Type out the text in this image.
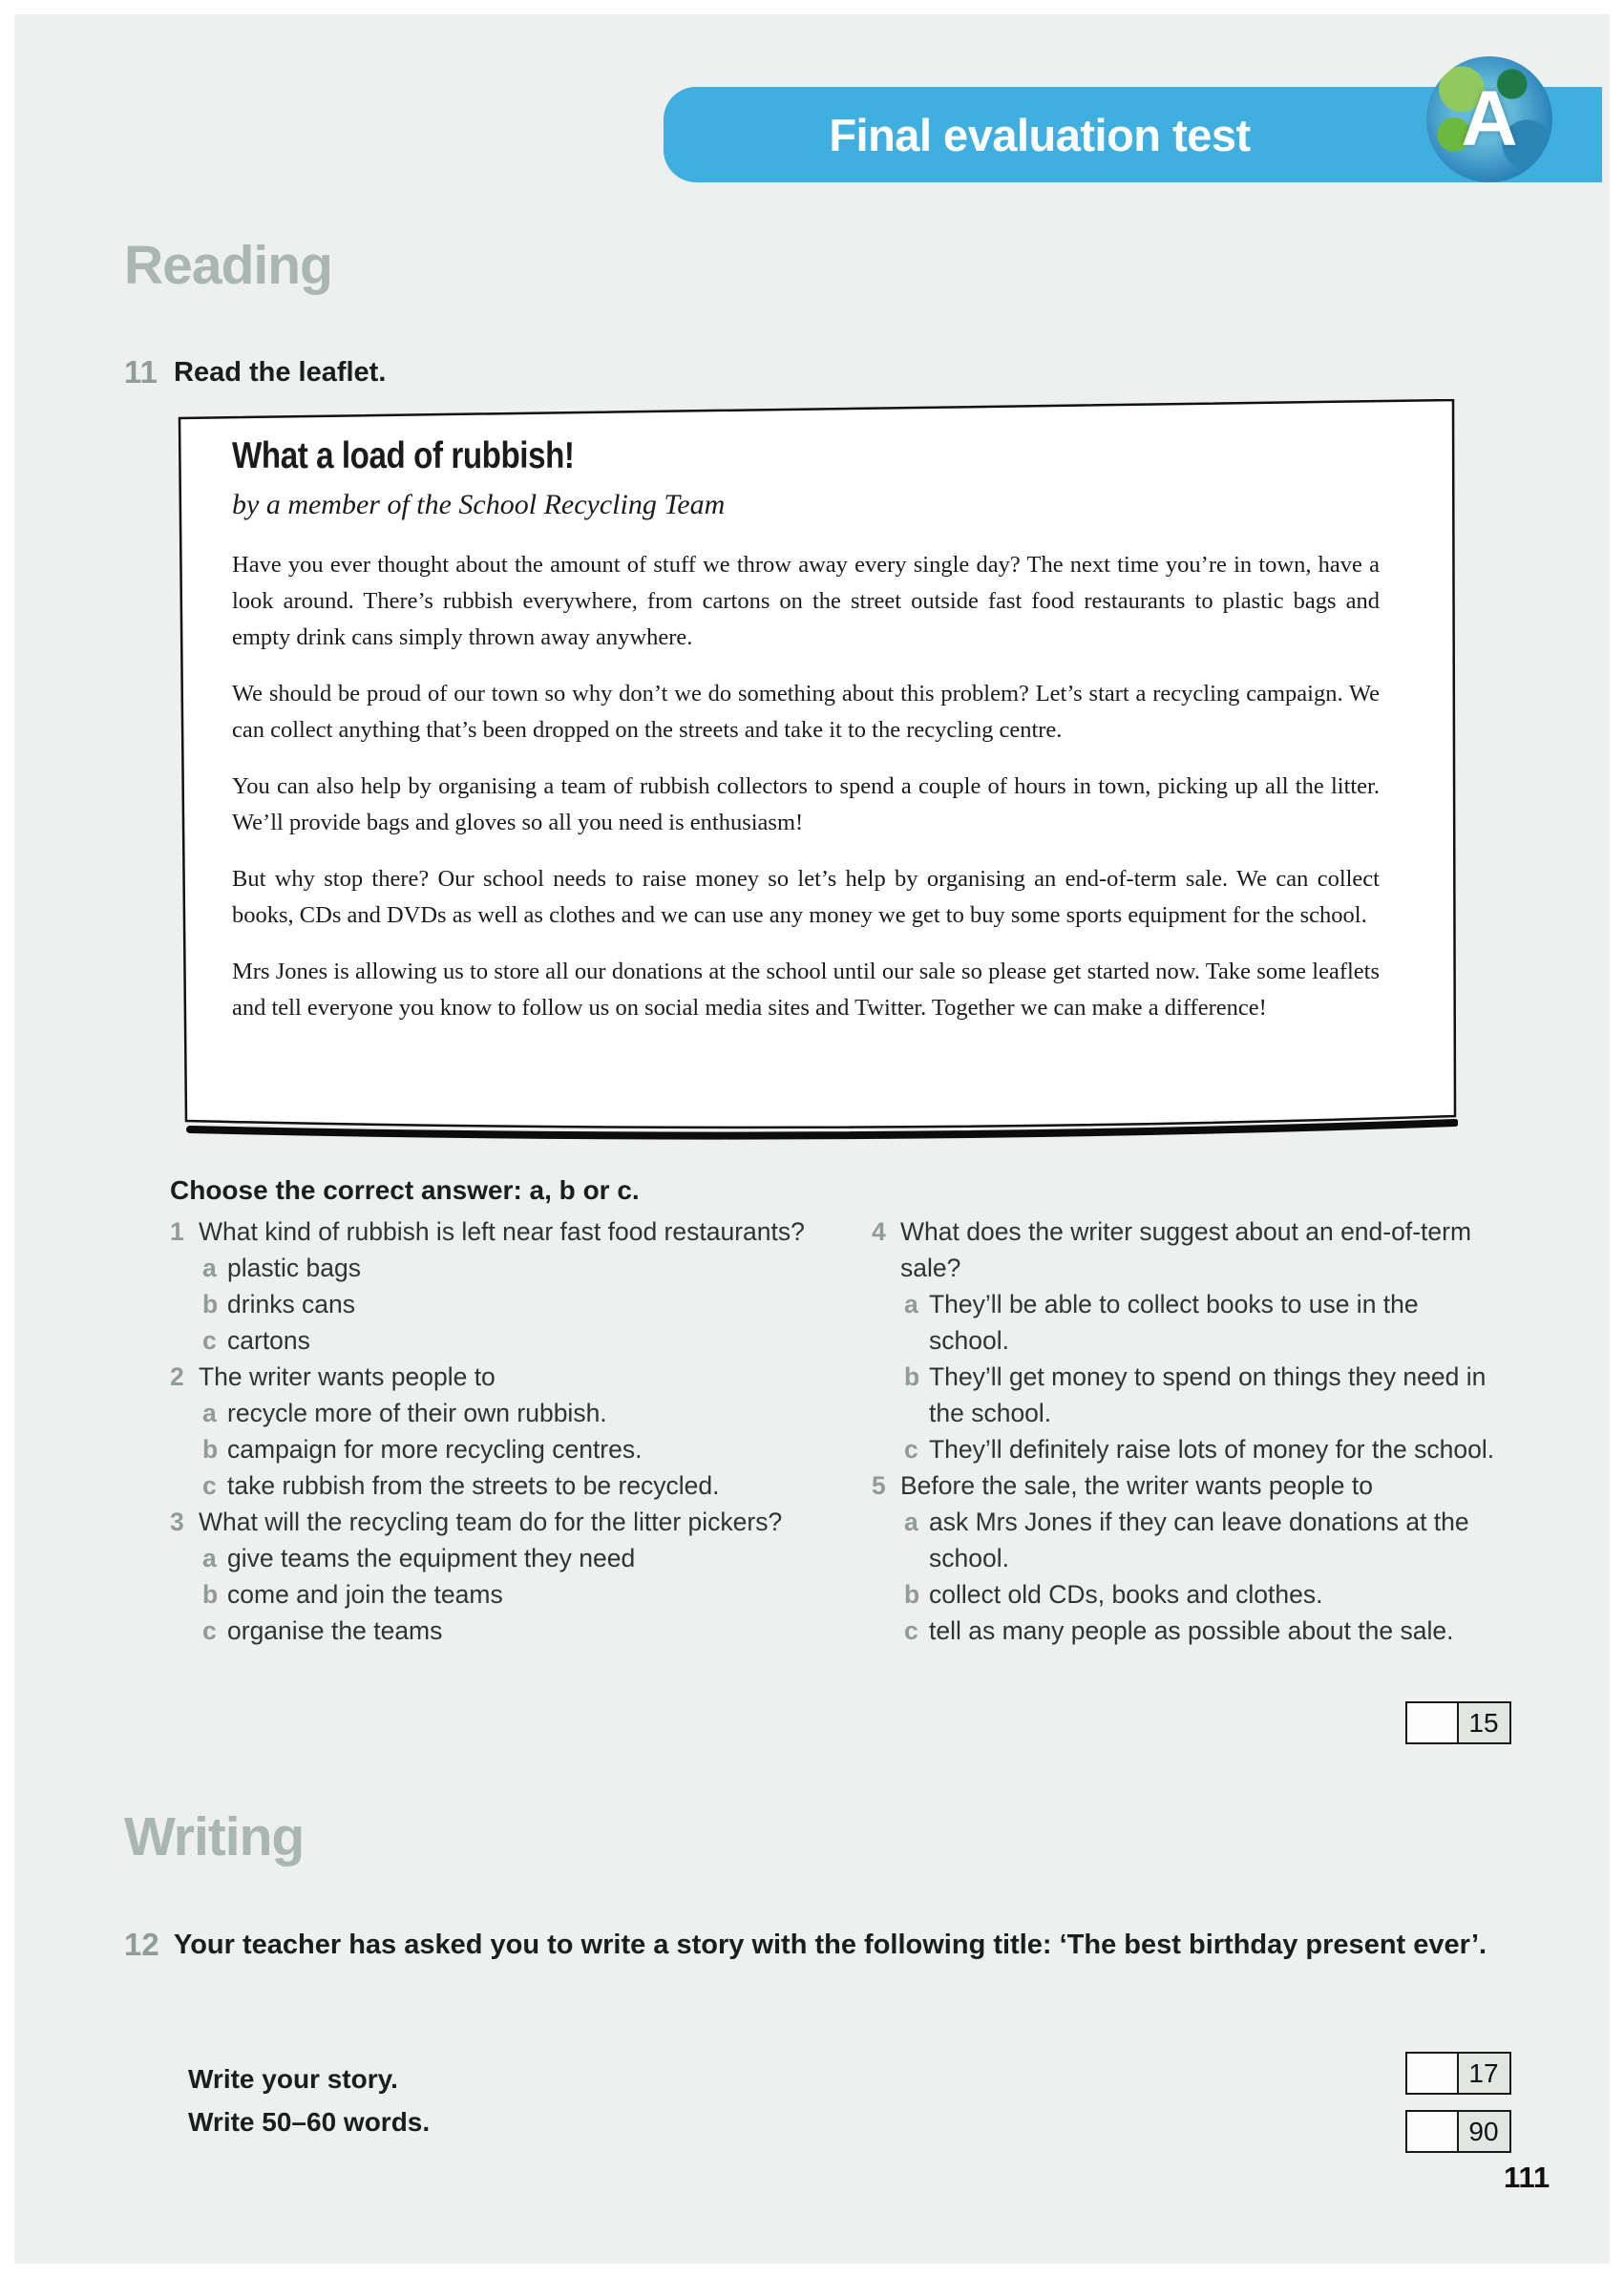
Final evaluation test	A
Reading
11 Read the leaflet.
What a load of rubbish!
by a member of the School Recycling Team
Have you ever thought about the amount of stuff we throw away every single day? The next time you’re in town, have a look around. There’s rubbish everywhere, from cartons on the street outside fast food restaurants to plastic bags and empty drink cans simply thrown away anywhere.
We should be proud of our town so why don’t we do something about this problem? Let’s start a recycling campaign. We can collect anything that’s been dropped on the streets and take it to the recycling centre.
You can also help by organising a team of rubbish collectors to spend a couple of hours in town, picking up all the litter. We’ll provide bags and gloves so all you need is enthusiasm!
But why stop there? Our school needs to raise money so let’s help by organising an end-of-term sale. We can collect books, CDs and DVDs as well as clothes and we can use any money we get to buy some sports equipment for the school.
Mrs Jones is allowing us to store all our donations at the school until our sale so please get started now. Take some leaflets and tell everyone you know to follow us on social media sites and Twitter. Together we can make a difference!
Choose the correct answer: a, b or c.
1 What kind of rubbish is left near fast food restaurants?
a plastic bags
b drinks cans
c cartons
2 The writer wants people to
a recycle more of their own rubbish.
b campaign for more recycling centres.
c take rubbish from the streets to be recycled.
3 What will the recycling team do for the litter pickers?
a give teams the equipment they need
b come and join the teams
c organise the teams
4 What does the writer suggest about an end-of-term sale?
a They’ll be able to collect books to use in the school.
b They’ll get money to spend on things they need in the school.
c They’ll definitely raise lots of money for the school.
5 Before the sale, the writer wants people to
a ask Mrs Jones if they can leave donations at the school.
b collect old CDs, books and clothes.
c tell as many people as possible about the sale.
15
Writing
12 Your teacher has asked you to write a story with the following title: ‘The best birthday present ever’.
Write your story.
Write 50–60 words.
17
90
111
